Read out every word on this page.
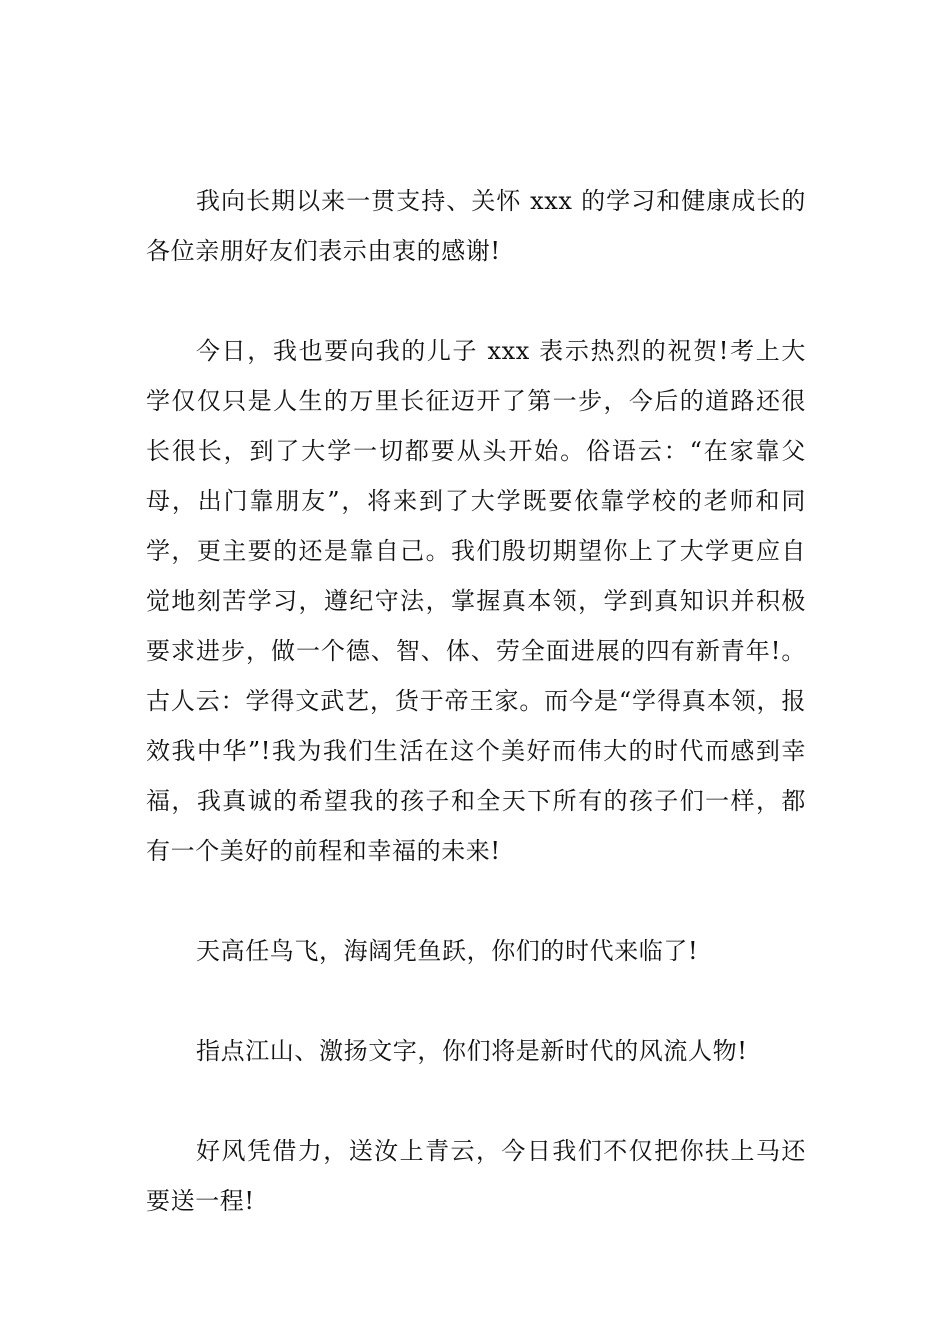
我向长期以来一贯支持、关怀 xxx 的学习和健康成长的各位亲朋好友们表示由衷的感谢!

今日，我也要向我的儿子 xxx 表示热烈的祝贺!考上大学仅仅只是人生的万里长征迈开了第一步，今后的道路还很长很长，到了大学一切都要从头开始。俗语云：“在家靠父母，出门靠朋友”，将来到了大学既要依靠学校的老师和同学，更主要的还是靠自己。我们殷切期望你上了大学更应自觉地刻苦学习，遵纪守法，掌握真本领，学到真知识并积极要求进步，做一个德、智、体、劳全面进展的四有新青年!。古人云：学得文武艺，货于帝王家。而今是“学得真本领，报效我中华”!我为我们生活在这个美好而伟大的时代而感到幸福，我真诚的希望我的孩子和全天下所有的孩子们一样，都有一个美好的前程和幸福的未来!

天高任鸟飞，海阔凭鱼跃，你们的时代来临了!

指点江山、激扬文字，你们将是新时代的风流人物!

好风凭借力，送汝上青云，今日我们不仅把你扶上马还要送一程!
